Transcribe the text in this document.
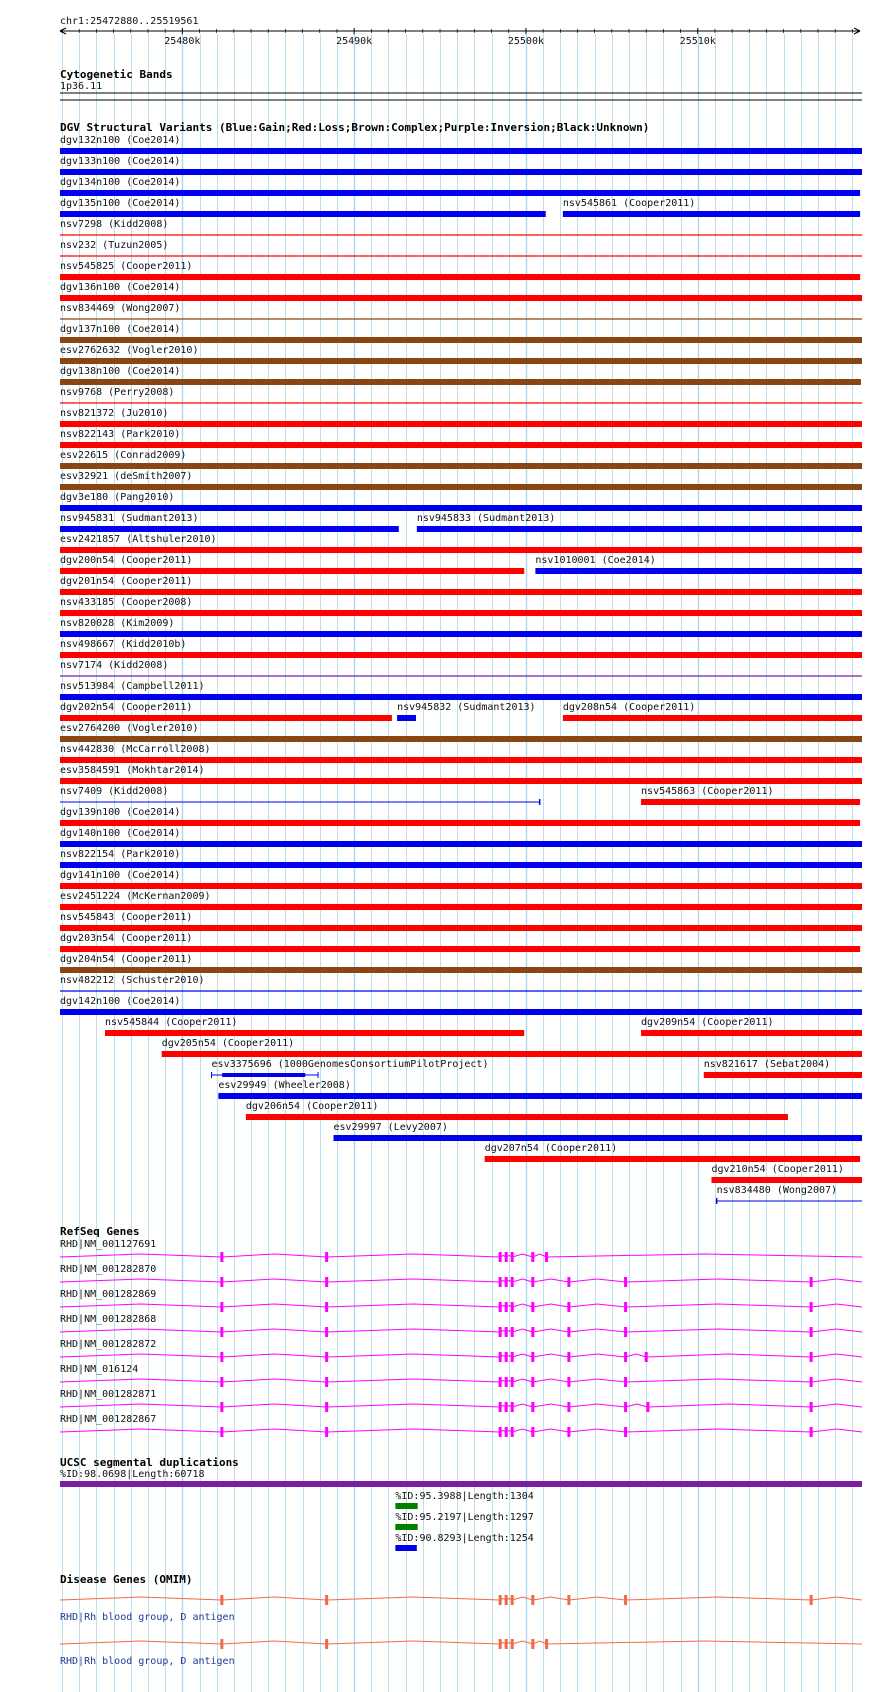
chr1:25472880..25519561
25480k	25490k	25500k	25510k
Cytogenetic Bands
1p36.11
DGV Structural Variants (Blue:Gain;Red:Loss;Brown:Complex;Purple:Inversion;Black:Unknown)
dgv132n100 (Coe2014)
dgv133n100 (Coe2014)
dgv134n100 (Coe2014)
dgv135n100 (Coe2014)	nsv545861 (Cooper2011)
nsv7298 (Kidd2008)
nsv232 (Tuzun2005)
nsv545825 (Cooper2011)
dgv136n100 (Coe2014)
nsv834469 (Wong2007)
dgv137n100 (Coe2014)
esv2762632 (Vogler2010)
dgv138n100 (Coe2014)
nsv9768 (Perry2008)
nsv821372 (Ju2010)
nsv822143 (Park2010)
esv22615 (Conrad2009)
esv32921 (deSmith2007)
dgv3e180 (Pang2010)
nsv945831 (Sudmant2013)	nsv945833 (Sudmant2013)
esv2421857 (Altshuler2010)
dgv200n54 (Cooper2011)	nsv1010001 (Coe2014)
dgv201n54 (Cooper2011)
nsv433185 (Cooper2008)
nsv820028 (Kim2009)
nsv498667 (Kidd2010b)
nsv7174 (Kidd2008)
nsv513984 (Campbell2011)
dgv202n54 (Cooper2011)	nsv945832 (Sudmant2013)	dgv208n54 (Cooper2011)
esv2764200 (Vogler2010)
nsv442830 (McCarroll2008)
esv3584591 (Mokhtar2014)
nsv7409 (Kidd2008)	nsv545863 (Cooper2011)
dgv139n100 (Coe2014)
dgv140n100 (Coe2014)
nsv822154 (Park2010)
dgv141n100 (Coe2014)
esv2451224 (McKernan2009)
nsv545843 (Cooper2011)
dgv203n54 (Cooper2011)
dgv204n54 (Cooper2011)
nsv482212 (Schuster2010)
dgv142n100 (Coe2014)
nsv545844 (Cooper2011)	dgv209n54 (Cooper2011)
dgv205n54 (Cooper2011)
esv3375696 (1000GenomesConsortiumPilotProject)	nsv821617 (Sebat2004)
esv29949 (Wheeler2008)
dgv206n54 (Cooper2011)
esv29997 (Levy2007)
dgv207n54 (Cooper2011)
dgv210n54 (Cooper2011)
nsv834480 (Wong2007)
RefSeq Genes
RHD|NM_001127691
RHD|NM_001282870
RHD|NM_001282869
RHD|NM_001282868
RHD|NM_001282872
RHD|NM_016124
RHD|NM_001282871
RHD|NM_001282867
UCSC segmental duplications
%ID:98.0698|Length:60718
%ID:95.3988|Length:1304
%ID:95.2197|Length:1297
%ID:90.8293|Length:1254
Disease Genes (OMIM)
RHD|Rh blood group, D antigen
RHD|Rh blood group, D antigen
